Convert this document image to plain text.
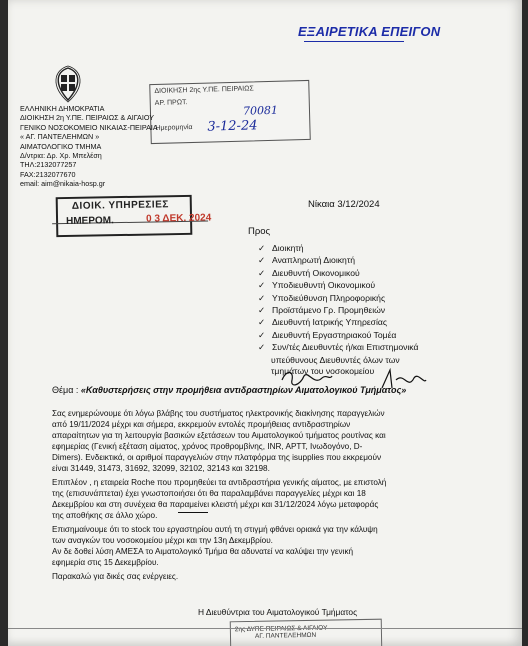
ΕΞΑΙΡΕΤΙΚΑ ΕΠΕΙΓΟΝ
ΔΙΟΙΚΗΣΗ 2ης Υ.ΠΕ. ΠΕΙΡΑΙΩΣ
ΑΡ. ΠΡΩΤ.
70081
Ημερομηνία 3-12-24
ΔΙΟΙΚ. ΥΠΗΡΕΣΙΕΣ
ΗΜΕΡΟΜ.	0 3 ΔΕΚ. 2024
Νίκαια 3/12/2024
Προς
Θέμα : «Καθυστερήσεις στην προμήθεια αντιδραστηρίων Αιματολογικού Τμήματος»
Παρακαλώ για δικές σας ενέργειες.
Η Διευθύντρια του Αιματολογικού Τμήματος
ΑΓ. ΠΑΝΤΕΛΕΗΜΩΝ
ΕΛΛΗΝΙΚΗ ΔΗΜΟΚΡΑΤΙΑ
ΔΙΟΙΚΗΣΗ 2η Υ.ΠΕ. ΠΕΙΡΑΙΩΣ & ΑΙΓΑΙΟΥ
ΓΕΝΙΚΟ ΝΟΣΟΚΟΜΕΙΟ ΝΙΚΑΙΑΣ-ΠΕΙΡΑΙΑ
« ΑΓ. ΠΑΝΤΕΛΕΗΜΩΝ »
ΑΙΜΑΤΟΛΟΓΙΚΟ ΤΜΗΜΑ
Δ/ντρια: Δρ. Χρ. Μπελέση
ΤΗΛ:2132077257
FAX:2132077670
email: aim@nikaia-hosp.gr
✓ Διοικητή
✓ Αναπληρωτή Διοικητή
✓ Διευθυντή Οικονομικού
✓ Υποδιευθυντή Οικονομικού
✓ Υποδιεύθυνση Πληροφορικής
✓ Προϊστάμενο Γρ. Προμηθειών
✓ Διευθυντή Ιατρικής Υπηρεσίας
✓ Διευθυντή Εργαστηριακού Τομέα
✓ Συν/τές Διευθυντές ή/και Επιστημονικά
υπεύθυνους Διευθυντές όλων των
τμημάτων του νοσοκομείου
Σας ενημερώνουμε ότι λόγω βλάβης του συστήματος ηλεκτρονικής διακίνησης παραγγελιών
από 19/11/2024 μέχρι και σήμερα, εκκρεμούν εντολές προμήθειας αντιδραστηρίων
απαραίτητων για τη λειτουργία βασικών εξετάσεων του Αιματολογικού τμήματος ρουτίνας και
εφημερίας (Γενική εξέταση αίματος, χρόνος προθρομβίνης, INR, APTT, Ινωδογόνο, D-
Dimers). Ενδεικτικά, οι αριθμοί παραγγελιών στην πλατφόρμα της isupplies που εκκρεμούν
είναι 31449, 31473, 31692, 32099, 32102, 32143 και 32198.
Επιπλέον , η εταιρεία Roche που προμηθεύει τα αντιδραστήρια γενικής αίματος, με επιστολή
της (επισυνάπτεται) έχει γνωστοποιήσει ότι θα παραλαμβάνει παραγγελίες μέχρι και 18
Δεκεμβρίου και στη συνέχεια θα παραμείνει κλειστή μέχρι και 31/12/2024 λόγω μεταφοράς
της αποθήκης σε άλλο χώρο.
Επισημαίνουμε ότι το stock του εργαστηρίου αυτή τη στιγμή φθάνει οριακά για την κάλυψη
των αναγκών του νοσοκομείου μέχρι και την 13η Δεκεμβρίου.
Αν δε δοθεί λύση ΑΜΕΣΑ το Αιματολογικό Τμήμα θα αδυνατεί να καλύψει την γενική
εφημερία στις 15 Δεκεμβρίου.
